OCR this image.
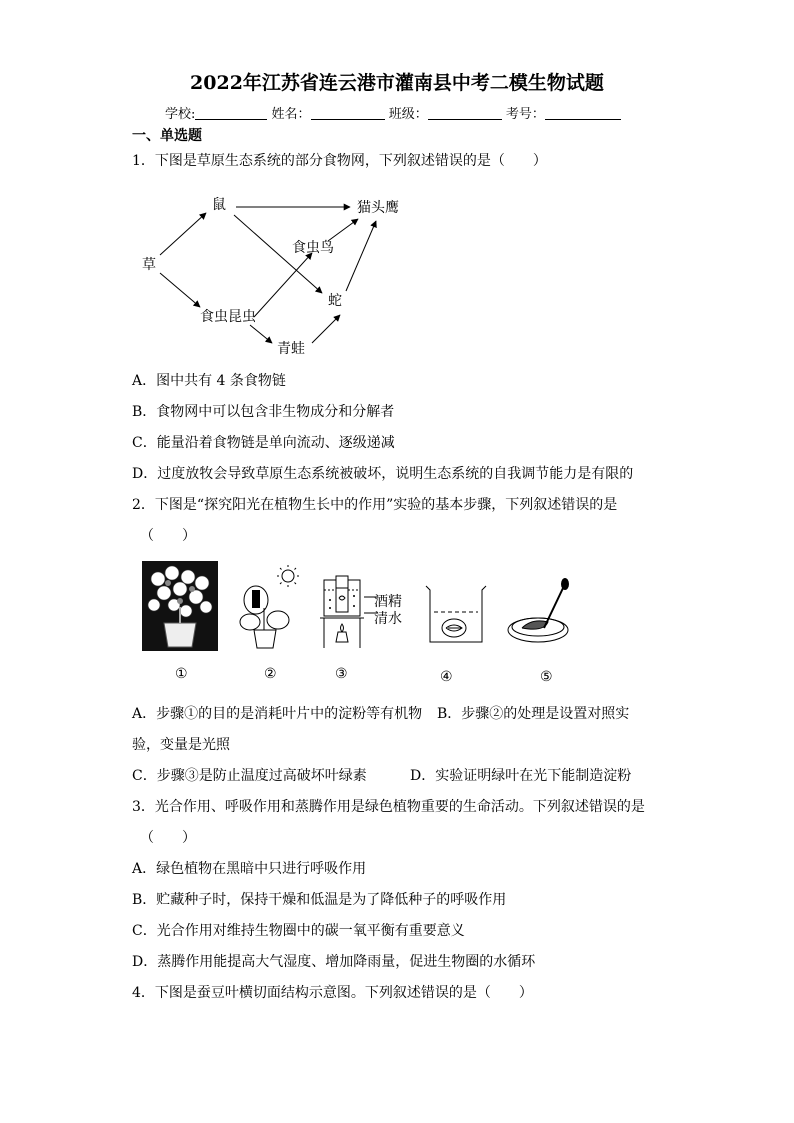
2022年江苏省连云港市灌南县中考二模生物试题
学校:	姓名：	班级：	考号：
一、单选题
1．下图是草原生态系统的部分食物网，下列叙述错误的是（　　）
草
鼠	猫头鹰
食虫鸟
蛇
食虫昆虫
青蛙
A．图中共有 4 条食物链
B．食物网中可以包含非生物成分和分解者
C．能量沿着食物链是单向流动、逐级递减
D．过度放牧会导致草原生态系统被破坏，说明生态系统的自我调节能力是有限的
2．下图是“探究阳光在植物生长中的作用”实验的基本步骤，下列叙述错误的是
（　　）
酒精
清水
①	②	③	④	⑤
A．步骤①的目的是消耗叶片中的淀粉等有机物 B．步骤②的处理是设置对照实
验，变量是光照
C．步骤③是防止温度过高破坏叶绿素	D．实验证明绿叶在光下能制造淀粉
3．光合作用、呼吸作用和蒸腾作用是绿色植物重要的生命活动。下列叙述错误的是
（　　）
A．绿色植物在黑暗中只进行呼吸作用
B．贮藏种子时，保持干燥和低温是为了降低种子的呼吸作用
C．光合作用对维持生物圈中的碳一氧平衡有重要意义
D．蒸腾作用能提高大气湿度、增加降雨量，促进生物圈的水循环
4．下图是蚕豆叶横切面结构示意图。下列叙述错误的是（　　）
